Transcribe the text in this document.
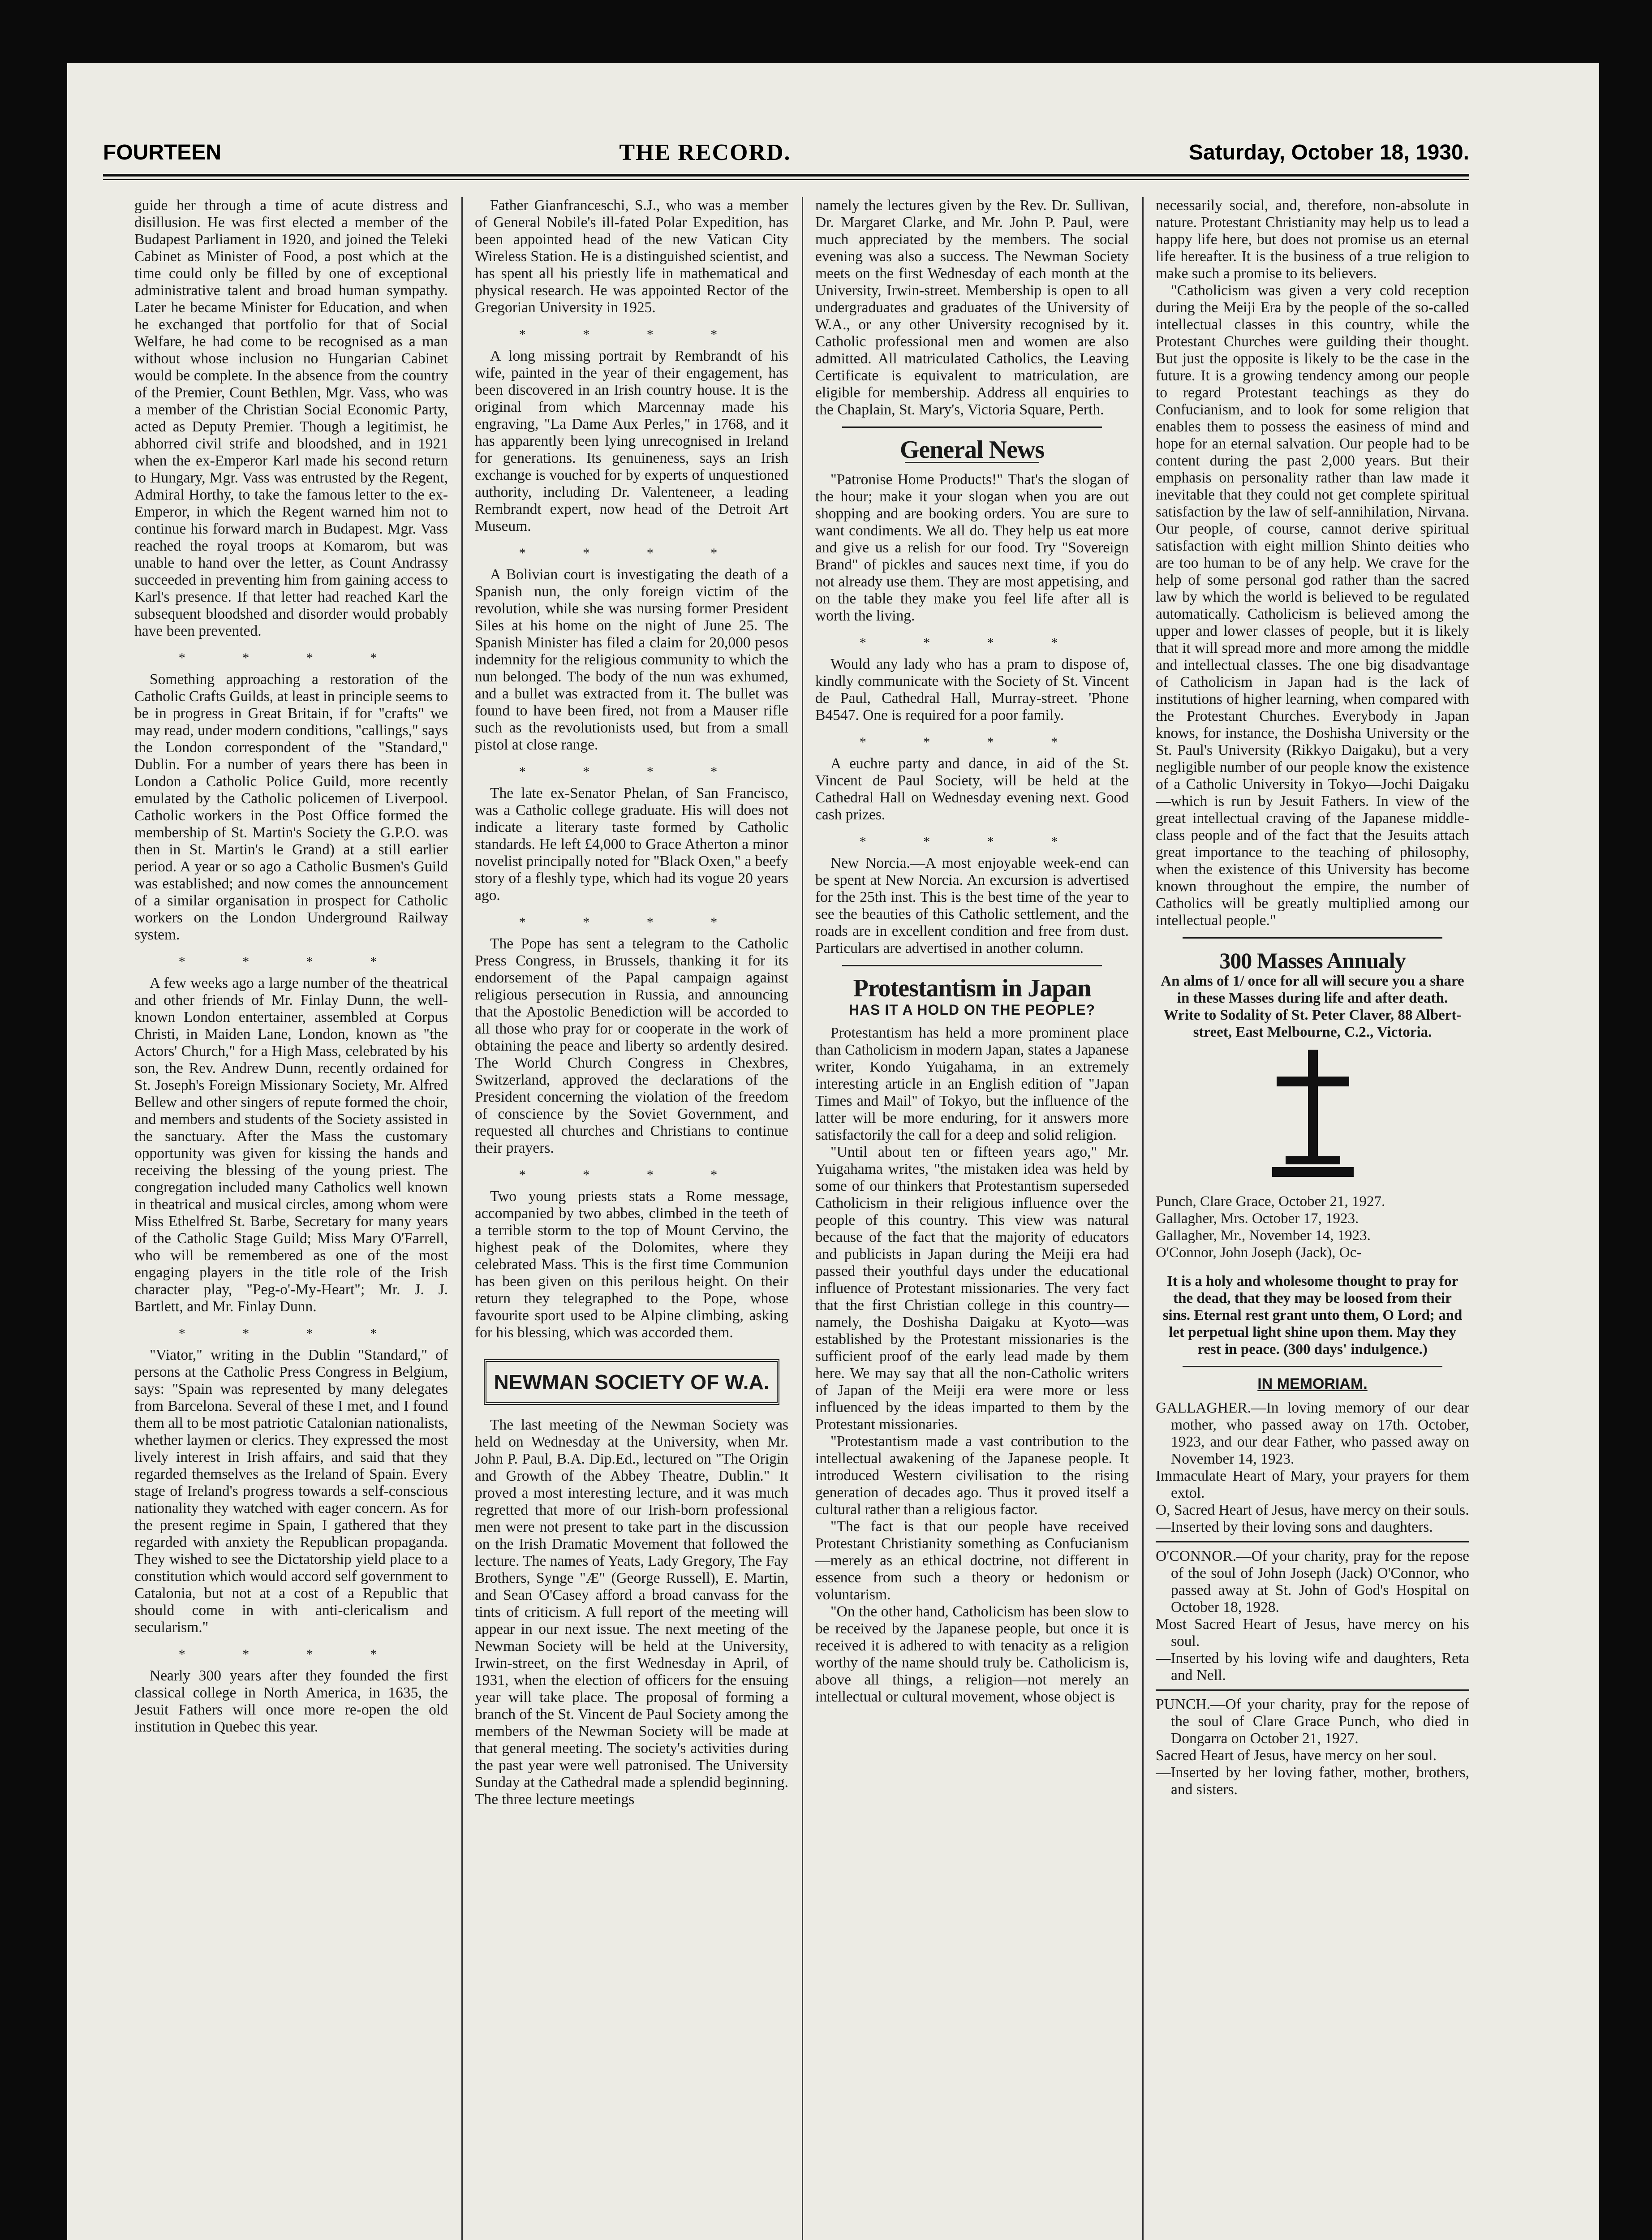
FOURTEEN	THE RECORD.	Saturday, October 18, 1930.

guide her through a time of acute distress and disillusion. He was first elected a member of the Budapest Parliament in 1920, and joined the Teleki Cabinet as Minister of Food, a post which at the time could only be filled by one of exceptional administrative talent and broad human sympathy. Later he became Minister for Education, and when he exchanged that portfolio for that of Social Welfare, he had come to be recognised as a man without whose inclusion no Hungarian Cabinet would be complete. In the absence from the country of the Premier, Count Bethlen, Mgr. Vass, who was a member of the Christian Social Economic Party, acted as Deputy Premier. Though a legitimist, he abhorred civil strife and bloodshed, and in 1921 when the ex-Emperor Karl made his second return to Hungary, Mgr. Vass was entrusted by the Regent, Admiral Horthy, to take the famous letter to the ex-Emperor, in which the Regent warned him not to continue his forward march in Budapest. Mgr. Vass reached the royal troops at Komarom, but was unable to hand over the letter, as Count Andrassy succeeded in preventing him from gaining access to Karl's presence. If that letter had reached Karl the subsequent bloodshed and disorder would probably have been prevented.

* * * *

Something approaching a restoration of the Catholic Crafts Guilds, at least in principle seems to be in progress in Great Britain, if for "crafts" we may read, under modern conditions, "callings," says the London correspondent of the "Standard," Dublin. For a number of years there has been in London a Catholic Police Guild, more recently emulated by the Catholic policemen of Liverpool. Catholic workers in the Post Office formed the membership of St. Martin's Society the G.P.O. was then in St. Martin's le Grand) at a still earlier period. A year or so ago a Catholic Busmen's Guild was established; and now comes the announcement of a similar organisation in prospect for Catholic workers on the London Underground Railway system.

* * * *

A few weeks ago a large number of the theatrical and other friends of Mr. Finlay Dunn, the well-known London entertainer, assembled at Corpus Christi, in Maiden Lane, London, known as "the Actors' Church," for a High Mass, celebrated by his son, the Rev. Andrew Dunn, recently ordained for St. Joseph's Foreign Missionary Society, Mr. Alfred Bellew and other singers of repute formed the choir, and members and students of the Society assisted in the sanctuary. After the Mass the customary opportunity was given for kissing the hands and receiving the blessing of the young priest. The congregation included many Catholics well known in theatrical and musical circles, among whom were Miss Ethelfred St. Barbe, Secretary for many years of the Catholic Stage Guild; Miss Mary O'Farrell, who will be remembered as one of the most engaging players in the title role of the Irish character play, "Peg-o'-My-Heart"; Mr. J. J. Bartlett, and Mr. Finlay Dunn.

* * * *

"Viator," writing in the Dublin "Standard," of persons at the Catholic Press Congress in Belgium, says: "Spain was represented by many delegates from Barcelona. Several of these I met, and I found them all to be most patriotic Catalonian nationalists, whether laymen or clerics. They expressed the most lively interest in Irish affairs, and said that they regarded themselves as the Ireland of Spain. Every stage of Ireland's progress towards a self-conscious nationality they watched with eager concern. As for the present regime in Spain, I gathered that they regarded with anxiety the Republican propaganda. They wished to see the Dictatorship yield place to a constitution which would accord self government to Catalonia, but not at a cost of a Republic that should come in with anti-clericalism and secularism."

* * * *

Nearly 300 years after they founded the first classical college in North America, in 1635, the Jesuit Fathers will once more re-open the old institution in Quebec this year.

Father Gianfranceschi, S.J., who was a member of General Nobile's ill-fated Polar Expedition, has been appointed head of the new Vatican City Wireless Station. He is a distinguished scientist, and has spent all his priestly life in mathematical and physical research. He was appointed Rector of the Gregorian University in 1925.

* * * *

A long missing portrait by Rembrandt of his wife, painted in the year of their engagement, has been discovered in an Irish country house. It is the original from which Marcennay made his engraving, "La Dame Aux Perles," in 1768, and it has apparently been lying unrecognised in Ireland for generations. Its genuineness, says an Irish exchange is vouched for by experts of unquestioned authority, including Dr. Valenteneer, a leading Rembrandt expert, now head of the Detroit Art Museum.

* * * *

A Bolivian court is investigating the death of a Spanish nun, the only foreign victim of the revolution, while she was nursing former President Siles at his home on the night of June 25. The Spanish Minister has filed a claim for 20,000 pesos indemnity for the religious community to which the nun belonged. The body of the nun was exhumed, and a bullet was extracted from it. The bullet was found to have been fired, not from a Mauser rifle such as the revolutionists used, but from a small pistol at close range.

* * * *

The late ex-Senator Phelan, of San Francisco, was a Catholic college graduate. His will does not indicate a literary taste formed by Catholic standards. He left £4,000 to Grace Atherton a minor novelist principally noted for "Black Oxen," a beefy story of a fleshly type, which had its vogue 20 years ago.

* * * *

The Pope has sent a telegram to the Catholic Press Congress, in Brussels, thanking it for its endorsement of the Papal campaign against religious persecution in Russia, and announcing that the Apostolic Benediction will be accorded to all those who pray for or cooperate in the work of obtaining the peace and liberty so ardently desired. The World Church Congress in Chexbres, Switzerland, approved the declarations of the President concerning the violation of the freedom of conscience by the Soviet Government, and requested all churches and Christians to continue their prayers.

* * * *

Two young priests stats a Rome message, accompanied by two abbes, climbed in the teeth of a terrible storm to the top of Mount Cervino, the highest peak of the Dolomites, where they celebrated Mass. This is the first time Communion has been given on this perilous height. On their return they telegraphed to the Pope, whose favourite sport used to be Alpine climbing, asking for his blessing, which was accorded them.

NEWMAN SOCIETY OF W.A.

The last meeting of the Newman Society was held on Wednesday at the University, when Mr. John P. Paul, B.A. Dip.Ed., lectured on "The Origin and Growth of the Abbey Theatre, Dublin." It proved a most interesting lecture, and it was much regretted that more of our Irish-born professional men were not present to take part in the discussion on the Irish Dramatic Movement that followed the lecture. The names of Yeats, Lady Gregory, The Fay Brothers, Synge "Æ" (George Russell), E. Martin, and Sean O'Casey afford a broad canvass for the tints of criticism. A full report of the meeting will appear in our next issue. The next meeting of the Newman Society will be held at the University, Irwin-street, on the first Wednesday in April, of 1931, when the election of officers for the ensuing year will take place. The proposal of forming a branch of the St. Vincent de Paul Society among the members of the Newman Society will be made at that general meeting. The society's activities during the past year were well patronised. The University Sunday at the Cathedral made a splendid beginning. The three lecture meetings

namely the lectures given by the Rev. Dr. Sullivan, Dr. Margaret Clarke, and Mr. John P. Paul, were much appreciated by the members. The social evening was also a success. The Newman Society meets on the first Wednesday of each month at the University, Irwin-street. Membership is open to all undergraduates and graduates of the University of W.A., or any other University recognised by it. Catholic professional men and women are also admitted. All matriculated Catholics, the Leaving Certificate is equivalent to matriculation, are eligible for membership. Address all enquiries to the Chaplain, St. Mary's, Victoria Square, Perth.

General News

"Patronise Home Products!" That's the slogan of the hour; make it your slogan when you are out shopping and are booking orders. You are sure to want condiments. We all do. They help us eat more and give us a relish for our food. Try "Sovereign Brand" of pickles and sauces next time, if you do not already use them. They are most appetising, and on the table they make you feel life after all is worth the living.

* * * *

Would any lady who has a pram to dispose of, kindly communicate with the Society of St. Vincent de Paul, Cathedral Hall, Murray-street. 'Phone B4547. One is required for a poor family.

* * * *

A euchre party and dance, in aid of the St. Vincent de Paul Society, will be held at the Cathedral Hall on Wednesday evening next. Good cash prizes.

* * * *

New Norcia.—A most enjoyable week-end can be spent at New Norcia. An excursion is advertised for the 25th inst. This is the best time of the year to see the beauties of this Catholic settlement, and the roads are in excellent condition and free from dust. Particulars are advertised in another column.

Protestantism in Japan
HAS IT A HOLD ON THE PEOPLE?

Protestantism has held a more prominent place than Catholicism in modern Japan, states a Japanese writer, Kondo Yuigahama, in an extremely interesting article in an English edition of "Japan Times and Mail" of Tokyo, but the influence of the latter will be more enduring, for it answers more satisfactorily the call for a deep and solid religion.

"Until about ten or fifteen years ago," Mr. Yuigahama writes, "the mistaken idea was held by some of our thinkers that Protestantism superseded Catholicism in their religious influence over the people of this country. This view was natural because of the fact that the majority of educators and publicists in Japan during the Meiji era had passed their youthful days under the educational influence of Protestant missionaries. The very fact that the first Christian college in this country—namely, the Doshisha Daigaku at Kyoto—was established by the Protestant missionaries is the sufficient proof of the early lead made by them here. We may say that all the non-Catholic writers of Japan of the Meiji era were more or less influenced by the ideas imparted to them by the Protestant missionaries.

"Protestantism made a vast contribution to the intellectual awakening of the Japanese people. It introduced Western civilisation to the rising generation of decades ago. Thus it proved itself a cultural rather than a religious factor.

"The fact is that our people have received Protestant Christianity something as Confucianism—merely as an ethical doctrine, not different in essence from such a theory or hedonism or voluntarism.

"On the other hand, Catholicism has been slow to be received by the Japanese people, but once it is received it is adhered to with tenacity as a religion worthy of the name should truly be. Catholicism is, above all things, a religion—not merely an intellectual or cultural movement, whose object is

necessarily social, and, therefore, non-absolute in nature. Protestant Christianity may help us to lead a happy life here, but does not promise us an eternal life hereafter. It is the business of a true religion to make such a promise to its believers.

"Catholicism was given a very cold reception during the Meiji Era by the people of the so-called intellectual classes in this country, while the Protestant Churches were guilding their thought. But just the opposite is likely to be the case in the future. It is a growing tendency among our people to regard Protestant teachings as they do Confucianism, and to look for some religion that enables them to possess the easiness of mind and hope for an eternal salvation. Our people had to be content during the past 2,000 years. But their emphasis on personality rather than law made it inevitable that they could not get complete spiritual satisfaction by the law of self-annihilation, Nirvana. Our people, of course, cannot derive spiritual satisfaction with eight million Shinto deities who are too human to be of any help. We crave for the help of some personal god rather than the sacred law by which the world is believed to be regulated automatically. Catholicism is believed among the upper and lower classes of people, but it is likely that it will spread more and more among the middle and intellectual classes. The one big disadvantage of Catholicism in Japan had is the lack of institutions of higher learning, when compared with the Protestant Churches. Everybody in Japan knows, for instance, the Doshisha University or the St. Paul's University (Rikkyo Daigaku), but a very negligible number of our people know the existence of a Catholic University in Tokyo—Jochi Daigaku—which is run by Jesuit Fathers. In view of the great intellectual craving of the Japanese middle-class people and of the fact that the Jesuits attach great importance to the teaching of philosophy, when the existence of this University has become known throughout the empire, the number of Catholics will be greatly multiplied among our intellectual people."

300 Masses Annualy
An alms of 1/ once for all will secure you a share in these Masses during life and after death. Write to Sodality of St. Peter Claver, 88 Albert-street, East Melbourne, C.2., Victoria.
Punch, Clare Grace, October 21, 1927.
Gallagher, Mrs. October 17, 1923.
Gallagher, Mr., November 14, 1923.
O'Connor, John Joseph (Jack), Oc-
It is a holy and wholesome thought to pray for the dead, that they may be loosed from their sins. Eternal rest grant unto them, O Lord; and let perpetual light shine upon them. May they rest in peace. (300 days' indulgence.)
IN MEMORIAM.

GALLAGHER.—In loving memory of our dear mother, who passed away on 17th. October, 1923, and our dear Father, who passed away on November 14, 1923.

Immaculate Heart of Mary, your prayers for them extol.

O, Sacred Heart of Jesus, have mercy on their souls.

—Inserted by their loving sons and daughters.

O'CONNOR.—Of your charity, pray for the repose of the soul of John Joseph (Jack) O'Connor, who passed away at St. John of God's Hospital on October 18, 1928.

Most Sacred Heart of Jesus, have mercy on his soul.

—Inserted by his loving wife and daughters, Reta and Nell.

PUNCH.—Of your charity, pray for the repose of the soul of Clare Grace Punch, who died in Dongarra on October 21, 1927.

Sacred Heart of Jesus, have mercy on her soul.

—Inserted by her loving father, mother, brothers, and sisters.
